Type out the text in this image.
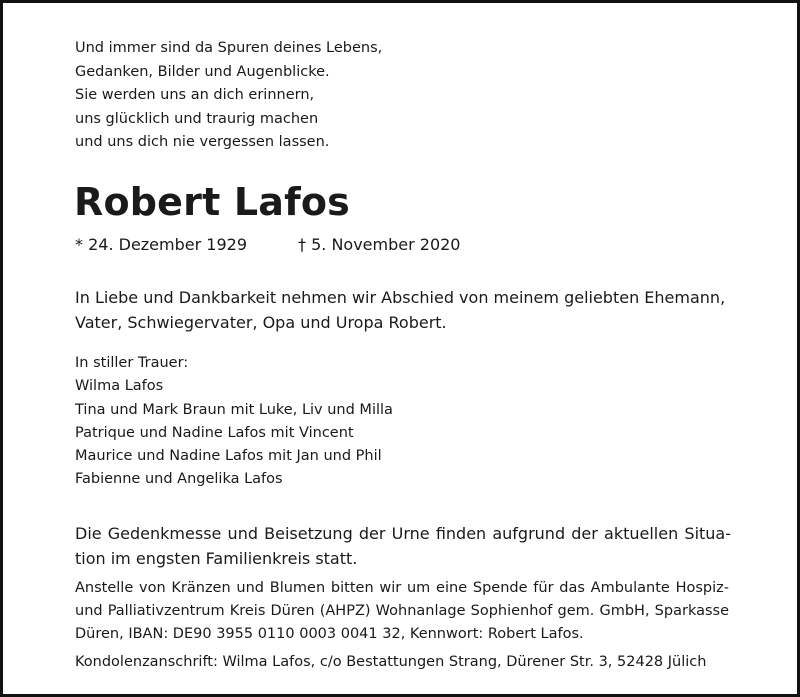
Und immer sind da Spuren deines Lebens,
Gedanken, Bilder und Augenblicke.
Sie werden uns an dich erinnern,
uns glücklich und traurig machen
und uns dich nie vergessen lassen.
Robert Lafos
* 24. Dezember 1929	† 5. November 2020
In Liebe und Dankbarkeit nehmen wir Abschied von meinem geliebten Ehemann,
Vater, Schwiegervater, Opa und Uropa Robert.
In stiller Trauer:
Wilma Lafos
Tina und Mark Braun mit Luke, Liv und Milla
Patrique und Nadine Lafos mit Vincent
Maurice und Nadine Lafos mit Jan und Phil
Fabienne und Angelika Lafos
Die Gedenkmesse und Beisetzung der Urne finden aufgrund der aktuellen Situa-
tion im engsten Familienkreis statt.
Anstelle von Kränzen und Blumen bitten wir um eine Spende für das Ambulante Hospiz-
und Palliativzentrum Kreis Düren (AHPZ) Wohnanlage Sophienhof gem. GmbH, Sparkasse
Düren, IBAN: DE90 3955 0110 0003 0041 32, Kennwort: Robert Lafos.
Kondolenzanschrift: Wilma Lafos, c/o Bestattungen Strang, Dürener Str. 3, 52428 Jülich
